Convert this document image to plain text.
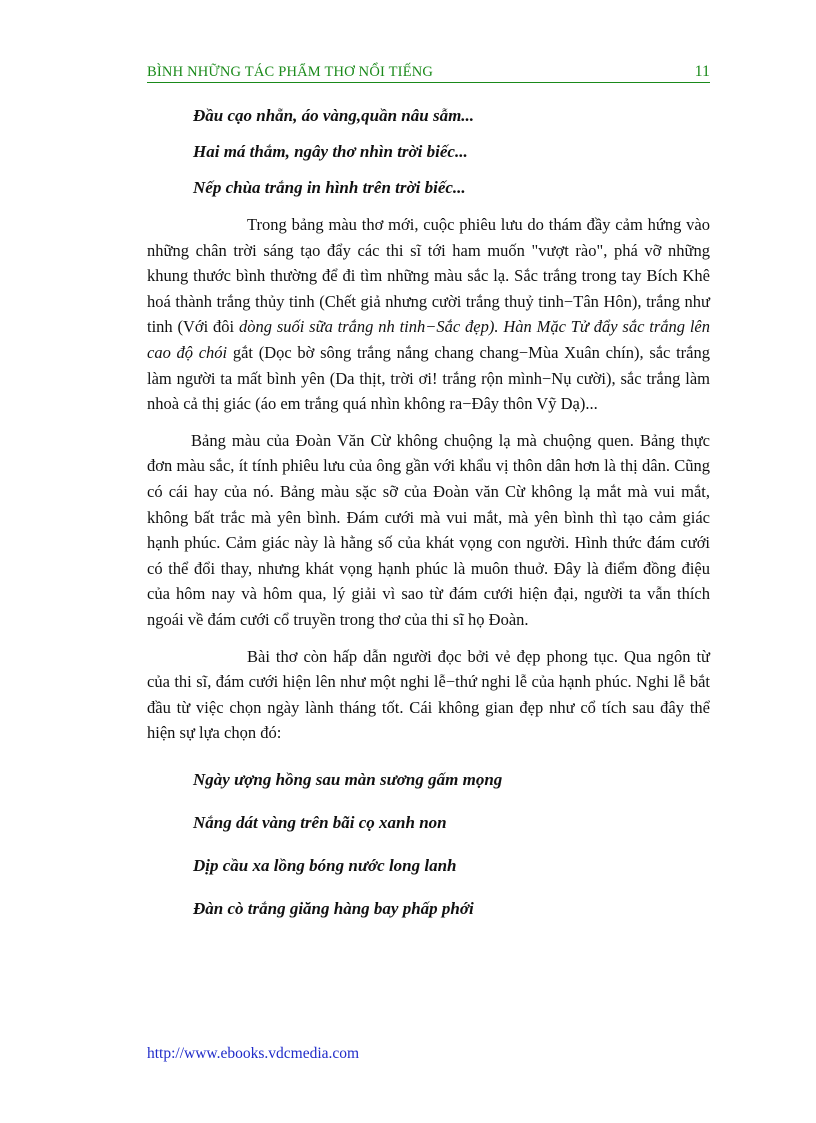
BÌNH NHỮNG TÁC PHẨM THƠ NỔI TIẾNG	11

Đầu cạo nhẵn, áo vàng,quần nâu sẫm...

Hai má thắm, ngây thơ nhìn trời biếc...

Nếp chùa trắng in hình trên trời biếc...

Trong bảng màu thơ mới, cuộc phiêu lưu do thám đầy cảm hứng vào những chân trời sáng tạo đẩy các thi sĩ tới ham muốn "vượt rào", phá vỡ những khung thước bình thường để đi tìm những màu sắc lạ. Sắc trắng trong tay Bích Khê hoá thành trắng thủy tinh (Chết giả nhưng cười trắng thuỷ tinh−Tân Hôn), trắng như tinh (Với đôi dòng suối sữa trắng nh tinh−Sắc đẹp). Hàn Mặc Tử đẩy sắc trắng lên cao độ chói gắt (Dọc bờ sông trắng nắng chang chang−Mùa Xuân chín), sắc trắng làm người ta mất bình yên (Da thịt, trời ơi! trắng rộn mình−Nụ cười), sắc trắng làm nhoà cả thị giác (áo em trắng quá nhìn không ra−Đây thôn Vỹ Dạ)...

Bảng màu của Đoàn Văn Cừ không chuộng lạ mà chuộng quen. Bảng thực đơn màu sắc, ít tính phiêu lưu của ông gần với khẩu vị thôn dân hơn là thị dân. Cũng có cái hay của nó. Bảng màu sặc sỡ của Đoàn văn Cừ không lạ mắt mà vui mắt, không bất trắc mà yên bình. Đám cưới mà vui mắt, mà yên bình thì tạo cảm giác hạnh phúc. Cảm giác này là hằng số của khát vọng con người. Hình thức đám cưới có thể đổi thay, nhưng khát vọng hạnh phúc là muôn thuở. Đây là điểm đồng điệu của hôm nay và hôm qua, lý giải vì sao từ đám cưới hiện đại, người ta vẫn thích ngoái về đám cưới cổ truyền trong thơ của thi sĩ họ Đoàn.

Bài thơ còn hấp dẫn người đọc bởi vẻ đẹp phong tục. Qua ngôn từ của thi sĩ, đám cưới hiện lên như một nghi lễ−thứ nghi lễ của hạnh phúc. Nghi lễ bắt đầu từ việc chọn ngày lành tháng tốt. Cái không gian đẹp như cổ tích sau đây thể hiện sự lựa chọn đó:

Ngày ượng hồng sau màn sương gấm mọng

Nắng dát vàng trên bãi cọ xanh non

Dịp cầu xa lồng bóng nước long lanh

Đàn cò trắng giăng hàng bay phấp phới

http://www.ebooks.vdcmedia.com
